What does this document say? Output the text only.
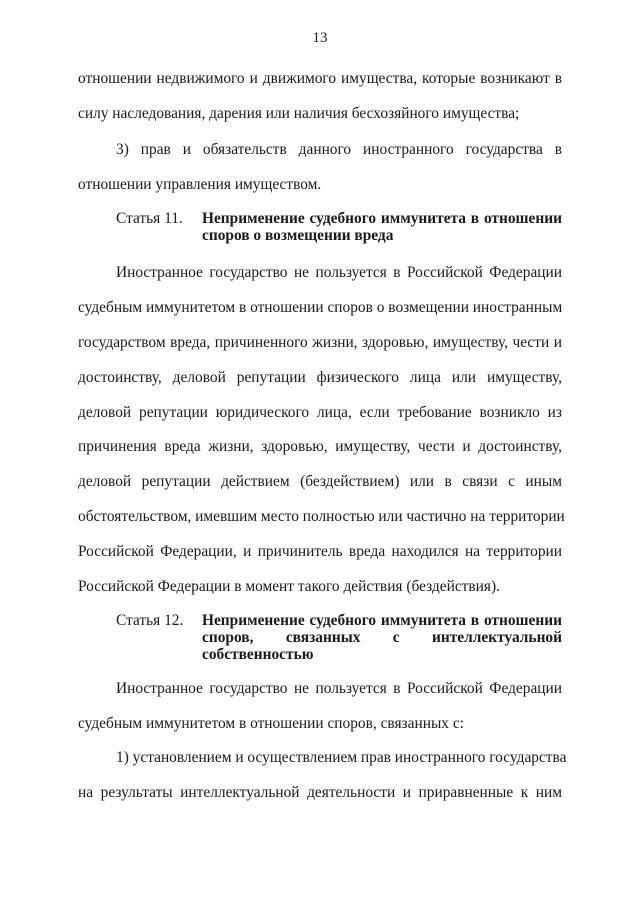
13
отношении недвижимого и движимого имущества, которые возникают в
силу наследования, дарения или наличия бесхозяйного имущества;
3) прав и обязательств данного иностранного государства в
отношении управления имуществом.
Статья 11. Неприменение судебного иммунитета в отношении
споров о возмещении вреда
Иностранное государство не пользуется в Российской Федерации
судебным иммунитетом в отношении споров о возмещении иностранным
государством вреда, причиненного жизни, здоровью, имуществу, чести и
достоинству, деловой репутации физического лица или имуществу,
деловой репутации юридического лица, если требование возникло из
причинения вреда жизни, здоровью, имуществу, чести и достоинству,
деловой репутации действием (бездействием) или в связи с иным
обстоятельством, имевшим место полностью или частично на территории
Российской Федерации, и причинитель вреда находился на территории
Российской Федерации в момент такого действия (бездействия).
Статья 12. Неприменение судебного иммунитета в отношении
споров, связанных с интеллектуальной
собственностью
Иностранное государство не пользуется в Российской Федерации
судебным иммунитетом в отношении споров, связанных с:
1) установлением и осуществлением прав иностранного государства
на результаты интеллектуальной деятельности и приравненные к ним
